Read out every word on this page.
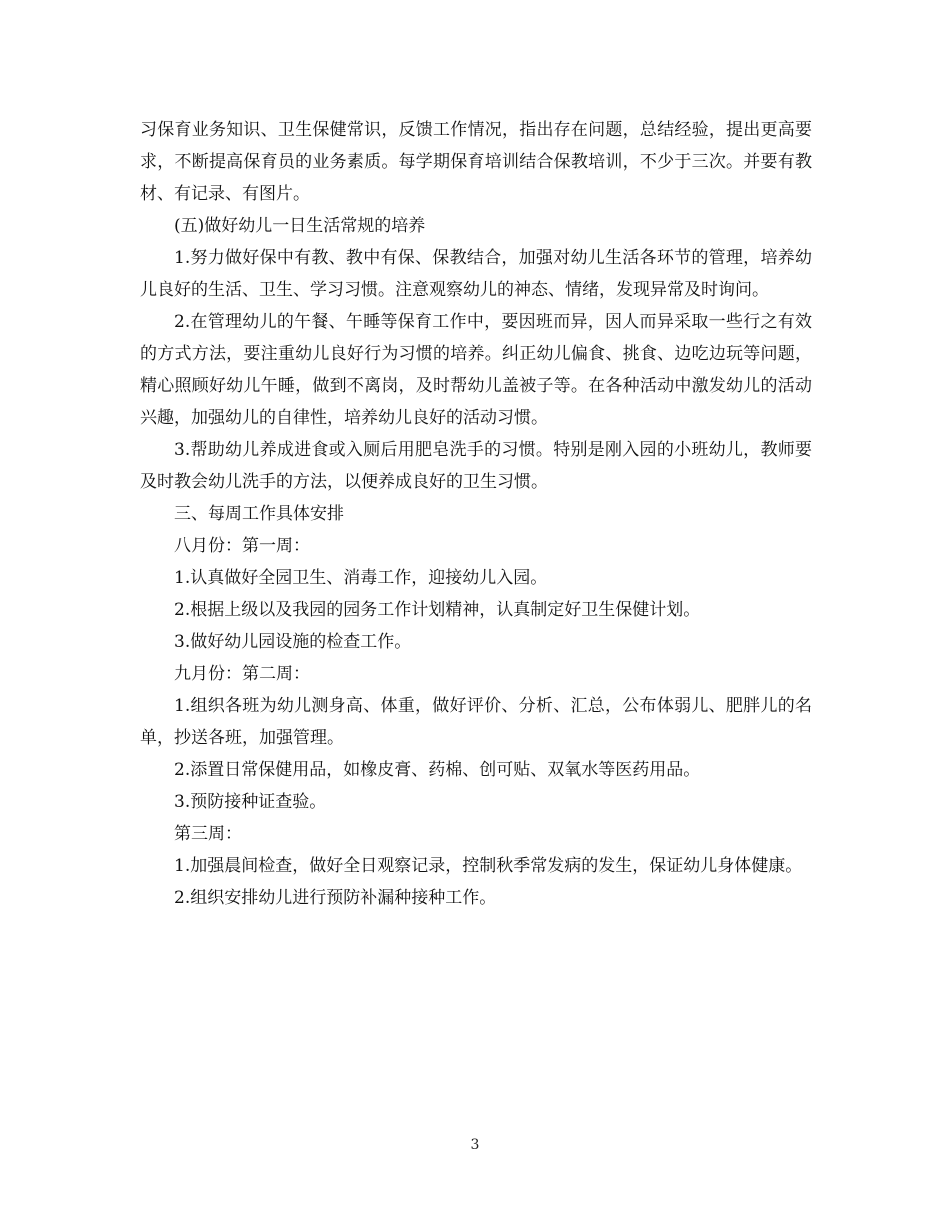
习保育业务知识、卫生保健常识，反馈工作情况，指出存在问题，总结经验，提出更高要求，不断提高保育员的业务素质。每学期保育培训结合保教培训，不少于三次。并要有教材、有记录、有图片。

(五)做好幼儿一日生活常规的培养

1.努力做好保中有教、教中有保、保教结合，加强对幼儿生活各环节的管理，培养幼儿良好的生活、卫生、学习习惯。注意观察幼儿的神态、情绪，发现异常及时询问。

2.在管理幼儿的午餐、午睡等保育工作中，要因班而异，因人而异采取一些行之有效的方式方法，要注重幼儿良好行为习惯的培养。纠正幼儿偏食、挑食、边吃边玩等问题，精心照顾好幼儿午睡，做到不离岗，及时帮幼儿盖被子等。在各种活动中激发幼儿的活动兴趣，加强幼儿的自律性，培养幼儿良好的活动习惯。

3.帮助幼儿养成进食或入厕后用肥皂洗手的习惯。特别是刚入园的小班幼儿，教师要及时教会幼儿洗手的方法，以便养成良好的卫生习惯。

三、每周工作具体安排

八月份：第一周：

1.认真做好全园卫生、消毒工作，迎接幼儿入园。

2.根据上级以及我园的园务工作计划精神，认真制定好卫生保健计划。

3.做好幼儿园设施的检查工作。

九月份：第二周：

1.组织各班为幼儿测身高、体重，做好评价、分析、汇总，公布体弱儿、肥胖儿的名单，抄送各班，加强管理。

2.添置日常保健用品，如橡皮膏、药棉、创可贴、双氧水等医药用品。

3.预防接种证查验。

第三周：

1.加强晨间检查，做好全日观察记录，控制秋季常发病的发生，保证幼儿身体健康。

2.组织安排幼儿进行预防补漏种接种工作。

3
